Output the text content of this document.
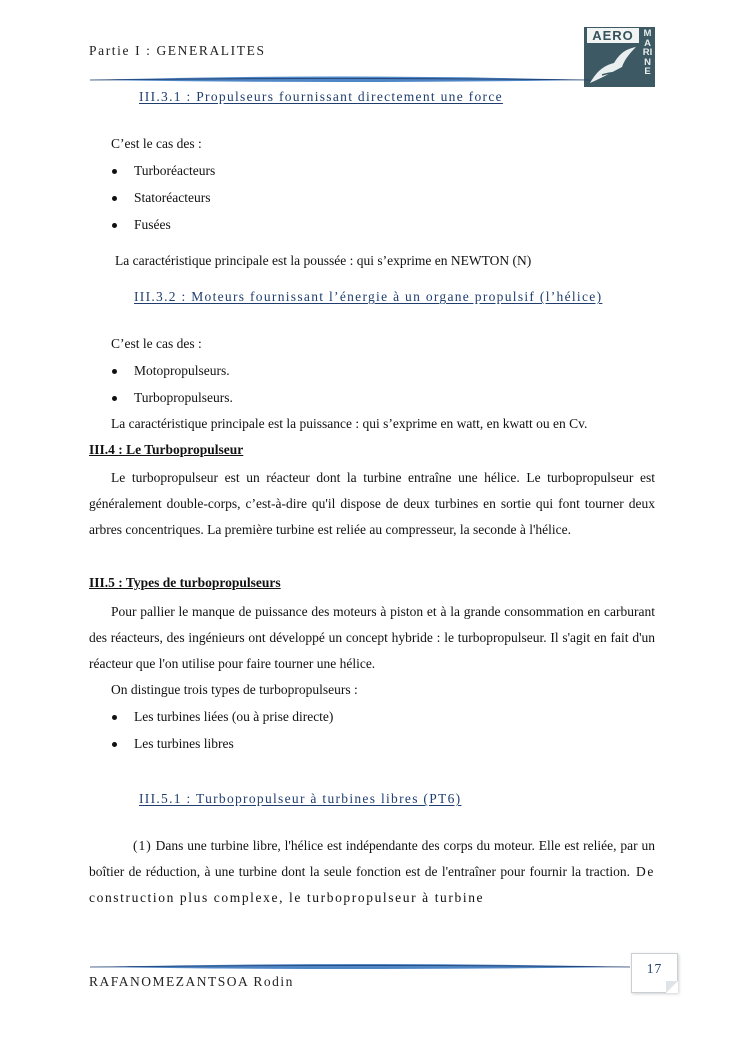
Partie I : GENERALITES
AERO	MARINE
III.3.1 : Propulseurs fournissant directement une force
C’est le cas des :
Turboréacteurs
Statoréacteurs
Fusées
La caractéristique principale est la poussée : qui s’exprime en NEWTON (N)
III.3.2 : Moteurs fournissant l’énergie à un organe propulsif (l’hélice)
C’est le cas des :
Motopropulseurs.
Turbopropulseurs.
La caractéristique principale est la puissance : qui s’exprime en watt, en kwatt ou en Cv.
III.4 : Le Turbopropulseur
Le turbopropulseur est un réacteur dont la turbine entraîne une hélice. Le turbopropulseur est généralement double-corps, c’est-à-dire qu'il dispose de deux turbines en sortie qui font tourner deux arbres concentriques. La première turbine est reliée au compresseur, la seconde à l'hélice.
III.5 : Types de turbopropulseurs
Pour pallier le manque de puissance des moteurs à piston et à la grande consommation en carburant des réacteurs, des ingénieurs ont développé un concept hybride : le turbopropulseur. Il s'agit en fait d'un réacteur que l'on utilise pour faire tourner une hélice.
On distingue trois types de turbopropulseurs :
Les turbines liées (ou à prise directe)
Les turbines libres
III.5.1 : Turbopropulseur à turbines libres (PT6)
(1) Dans une turbine libre, l'hélice est indépendante des corps du moteur. Elle est reliée, par un boîtier de réduction, à une turbine dont la seule fonction est de l'entraîner pour fournir la traction. De construction plus complexe, le turbopropulseur à turbine
RAFANOMEZANTSOA Rodin
17
